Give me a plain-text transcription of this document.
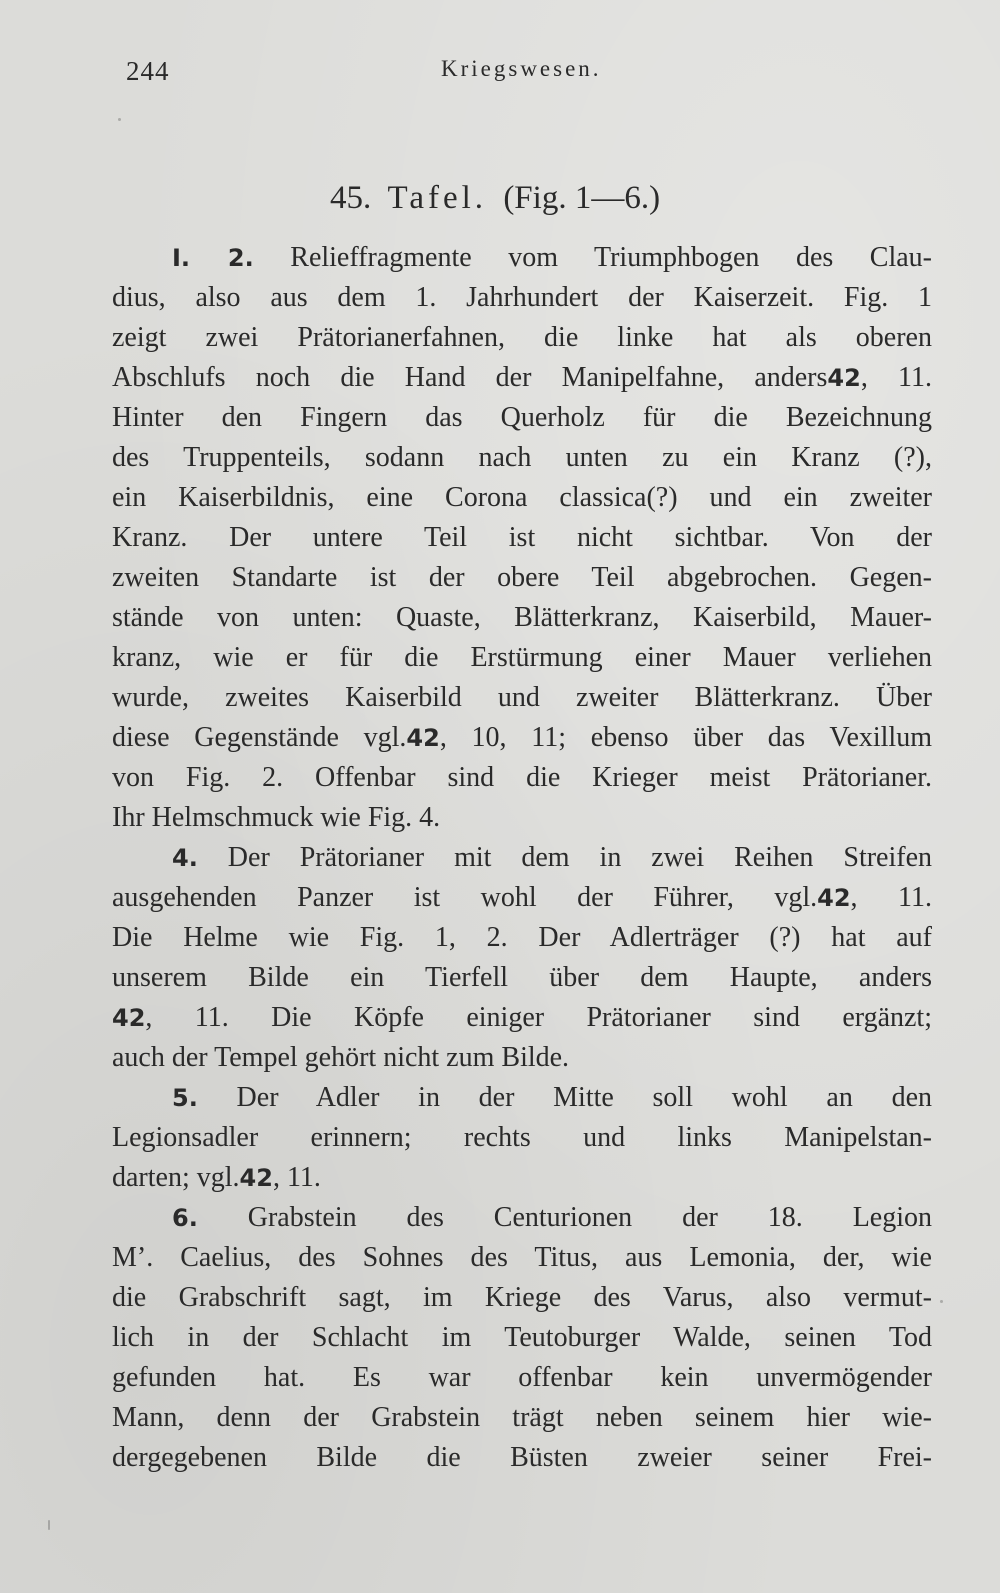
244	Kriegswesen.
45. Tafel. (Fig. 1—6.)
I. 2. Relieffragmente vom Triumphbogen des Clau-
dius, also aus dem 1. Jahrhundert der Kaiserzeit. Fig. 1
zeigt zwei Prätorianerfahnen, die linke hat als oberen
Abschlufs noch die Hand der Manipelfahne, anders42, 11.
Hinter den Fingern das Querholz für die Bezeichnung
des Truppenteils, sodann nach unten zu ein Kranz (?),
ein Kaiserbildnis, eine Corona classica(?) und ein zweiter
Kranz. Der untere Teil ist nicht sichtbar. Von der
zweiten Standarte ist der obere Teil abgebrochen. Gegen-
stände von unten: Quaste, Blätterkranz, Kaiserbild, Mauer-
kranz, wie er für die Erstürmung einer Mauer verliehen
wurde, zweites Kaiserbild und zweiter Blätterkranz. Über
diese Gegenstände vgl.42, 10, 11; ebenso über das Vexillum
von Fig. 2. Offenbar sind die Krieger meist Prätorianer.
Ihr Helmschmuck wie Fig. 4.
4. Der Prätorianer mit dem in zwei Reihen Streifen
ausgehenden Panzer ist wohl der Führer, vgl.42, 11.
Die Helme wie Fig. 1, 2. Der Adlerträger (?) hat auf
unserem Bilde ein Tierfell über dem Haupte, anders
42, 11. Die Köpfe einiger Prätorianer sind ergänzt;
auch der Tempel gehört nicht zum Bilde.
5. Der Adler in der Mitte soll wohl an den
Legionsadler erinnern; rechts und links Manipelstan-
darten; vgl.42, 11.
6. Grabstein des Centurionen der 18. Legion
M’. Caelius, des Sohnes des Titus, aus Lemonia, der, wie
die Grabschrift sagt, im Kriege des Varus, also vermut-
lich in der Schlacht im Teutoburger Walde, seinen Tod
gefunden hat. Es war offenbar kein unvermögender
Mann, denn der Grabstein trägt neben seinem hier wie-
dergegebenen Bilde die Büsten zweier seiner Frei-
